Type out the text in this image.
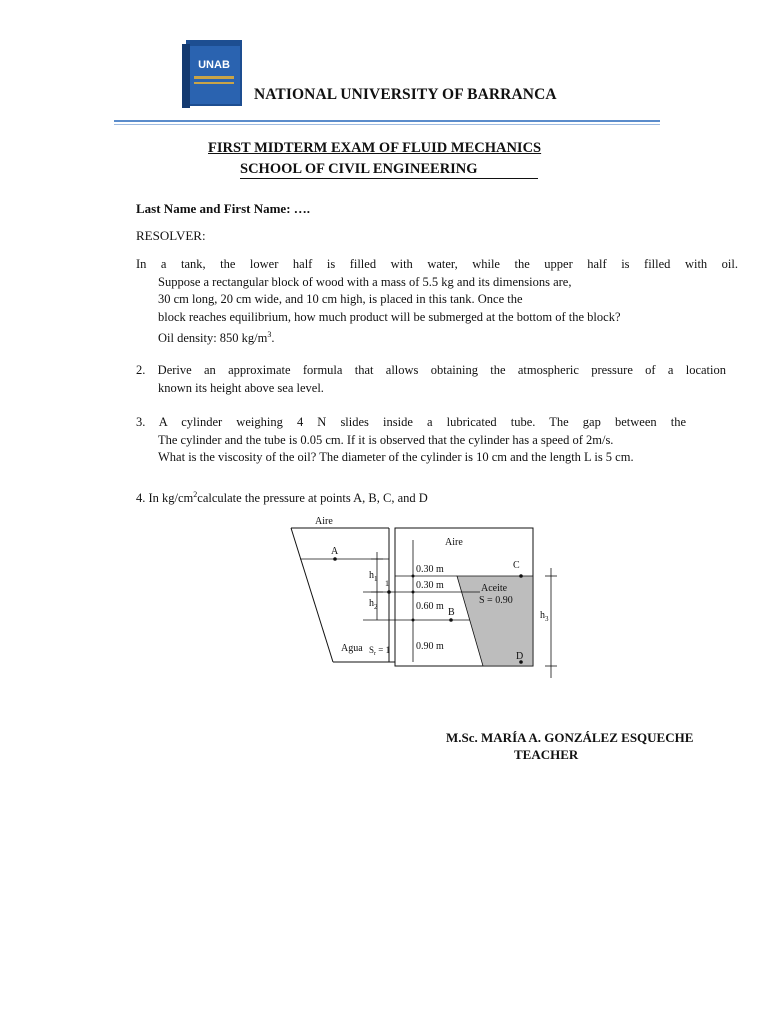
UNAB
NATIONAL UNIVERSITY OF BARRANCA
FIRST MIDTERM EXAM OF FLUID MECHANICS
SCHOOL OF CIVIL ENGINEERING
Last Name and First Name: ….
RESOLVER:
In a tank, the lower half is filled with water, while the upper half is filled with oil.
Suppose a rectangular block of wood with a mass of 5.5 kg and its dimensions are,
30 cm long, 20 cm wide, and 10 cm high, is placed in this tank. Once the
block reaches equilibrium, how much product will be submerged at the bottom of the block?
Oil density: 850 $kg/m^3$.
2. Derive an approximate formula that allows obtaining the atmospheric pressure of a location
known its height above sea level.
3. A cylinder weighing 4 N slides inside a lubricated tube. The gap between the
The cylinder and the tube is 0.05 cm. If it is observed that the cylinder has a speed of 2m/s.
What is the viscosity of the oil? The diameter of the cylinder is 10 cm and the length L is 5 cm.
4. In $kg/cm^2calculate$ the pressure at points A, B, C, and D
Aire
Aire
A
B
C
D
$h_1$
$h_2$
$h_3$
1
0.30 m
0.30 m
0.60 m
0.90 m
Aceite
S = 0.90
Agua $S_r = 1$
M.Sc. MARÍA A. GONZÁLEZ ESQUECHE
TEACHER
